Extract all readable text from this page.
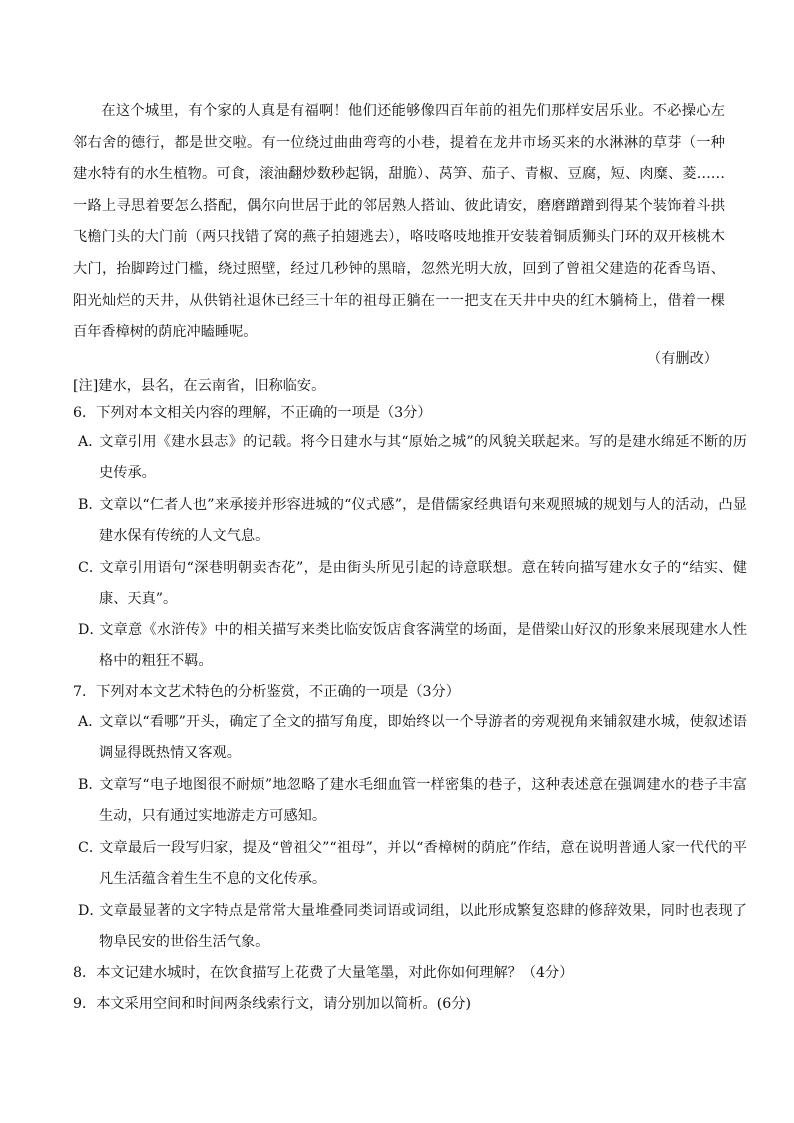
在这个城里，有个家的人真是有福啊！他们还能够像四百年前的祖先们那样安居乐业。不必操心左邻右舍的德行，都是世交啦。有一位绕过曲曲弯弯的小巷，提着在龙井市场买来的水淋淋的草芽（一种建水特有的水生植物。可食，滚油翻炒数秒起锅，甜脆）、莴笋、茄子、青椒、豆腐，短、肉糜、菱……一路上寻思着要怎么搭配，偶尔向世居于此的邻居熟人搭讪、彼此请安，磨磨蹭蹭到得某个装饰着斗拱飞檐门头的大门前（两只找错了窝的燕子拍翅逃去），咯吱咯吱地推开安装着铜质狮头门环的双开核桃木大门，抬脚跨过门槛，绕过照壁，经过几秒钟的黑暗，忽然光明大放，回到了曾祖父建造的花香鸟语、阳光灿烂的天井，从供销社退休已经三十年的祖母正躺在一一把支在天井中央的红木躺椅上，借着一棵百年香樟树的荫庇冲瞌睡呢。

（有删改）

[注]建水，县名，在云南省，旧称临安。

6．下列对本文相关内容的理解，不正确的一项是（3分）

A．文章引用《建水县志》的记载。将今日建水与其“原始之城”的风貌关联起来。写的是建水绵延不断的历史传承。

B．文章以“仁者人也”来承接并形容进城的“仪式感”，是借儒家经典语句来观照城的规划与人的活动，凸显建水保有传统的人文气息。

C．文章引用语句“深巷明朝卖杏花”，是由街头所见引起的诗意联想。意在转向描写建水女子的“结实、健康、天真”。

D．文章意《水浒传》中的相关描写来类比临安饭店食客满堂的场面，是借梁山好汉的形象来展现建水人性格中的粗狂不羁。

7．下列对本文艺术特色的分析鉴赏，不正确的一项是（3分）

A．文章以“看哪”开头，确定了全文的描写角度，即始终以一个导游者的旁观视角来铺叙建水城，使叙述语调显得既热情又客观。

B．文章写“电子地图很不耐烦”地忽略了建水毛细血管一样密集的巷子，这种表述意在强调建水的巷子丰富生动，只有通过实地游走方可感知。

C．文章最后一段写归家，提及“曾祖父”“祖母”，并以“香樟树的荫庇”作结，意在说明普通人家一代代的平凡生活蕴含着生生不息的文化传承。

D．文章最显著的文字特点是常常大量堆叠同类词语或词组，以此形成繁复恣肆的修辞效果，同时也表现了物阜民安的世俗生活气象。

8．本文记建水城时，在饮食描写上花费了大量笔墨，对此你如何理解？（4分）

9．本文采用空间和时间两条线索行文，请分别加以简析。(6分)
